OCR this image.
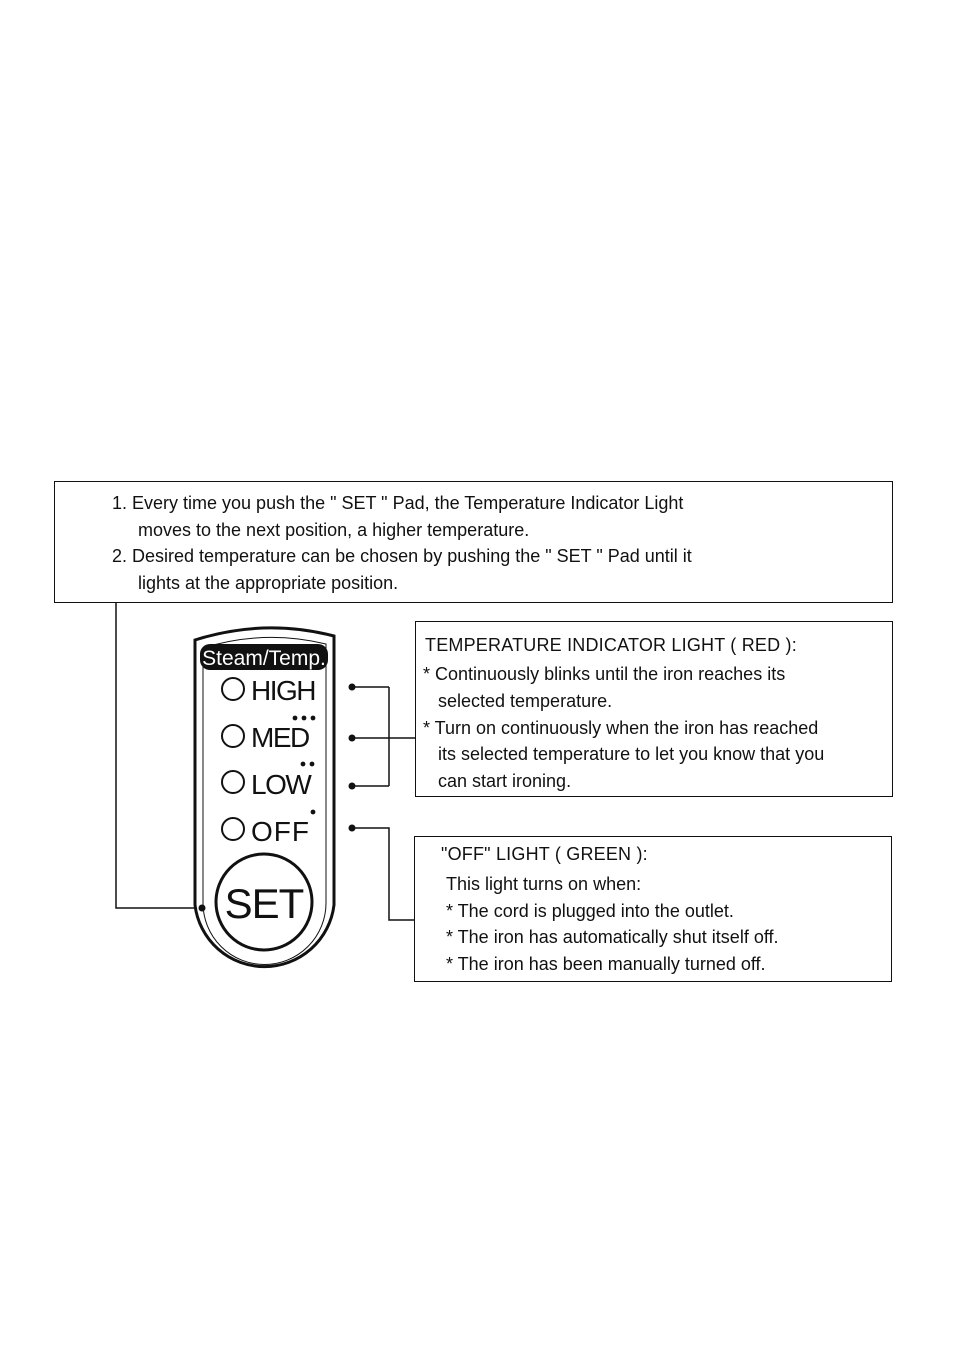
1. Every time you push the " SET " Pad, the Temperature Indicator Light
moves to the next position, a higher temperature.
2. Desired temperature can be chosen by pushing the " SET " Pad until it
lights at the appropriate position.
Steam/Temp.
HIGH
MED
LOW
OFF
SET
TEMPERATURE INDICATOR LIGHT ( RED ):
* Continuously blinks until the iron reaches its
selected temperature.
* Turn on continuously when the iron has reached
its selected temperature to let you know that you
can start ironing.
"OFF" LIGHT ( GREEN ):
This light turns on when:
* The cord is plugged into the outlet.
* The iron has automatically shut itself off.
* The iron has been manually turned off.
